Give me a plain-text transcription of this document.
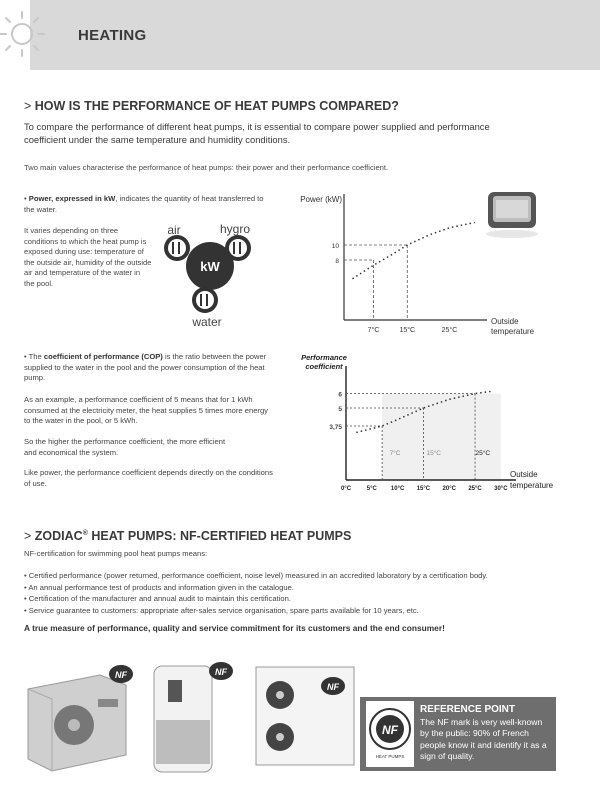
HEATING
> HOW IS THE PERFORMANCE OF HEAT PUMPS COMPARED?
To compare the performance of different heat pumps, it is essential to compare power supplied and performance coefficient under the same temperature and humidity conditions.
Two main values characterise the performance of heat pumps: their power and their performance coefficient.
• Power, expressed in kW, indicates the quantity of heat transferred to the water.
It varies depending on three conditions to which the heat pump is exposed during use: temperature of the outside air, humidity of the outside air and temperature of the water in the pool.
kW
air	hygro
water
Power (kW)
Outside
temperature
7°C	15°C	25°C
10
8
• The coefficient of performance (COP) is the ratio between the power supplied to the water in the pool and the power consumption of the heat pump.
As an example, a performance coefficient of 5 means that for 1 kWh consumed at the electricity meter, the heat supplies 5 times more energy to the water in the pool, or 5 kWh.
So the higher the performance coefficient, the more efficient and economical the system.
Like power, the performance coefficient depends directly on the conditions of use.
Performance
coefficient
Outside
temperature
0°C	5°C 10°C 15°C 20°C 25°C 30°C
6
5
3,75
7°C	15°C	25°C
> ZODIAC® HEAT PUMPS: NF-CERTIFIED HEAT PUMPS
NF-certification for swimming pool heat pumps means:
• Certified performance (power returned, performance coefficient, noise level) measured in an accredited laboratory by a certification body.
• An annual performance test of products and information given in the catalogue.
• Certification of the manufacturer and annual audit to maintain this certification.
• Service guarantee to customers: appropriate after-sales service organisation, spare parts available for 10 years, etc.
A true measure of performance, quality and service commitment for its customers and the end consumer!
NF	NF
NF
NF
HEAT PUMPS
REFERENCE POINT
The NF mark is very well-known by the public: 90% of French people know it and identify it as a sign of quality.
